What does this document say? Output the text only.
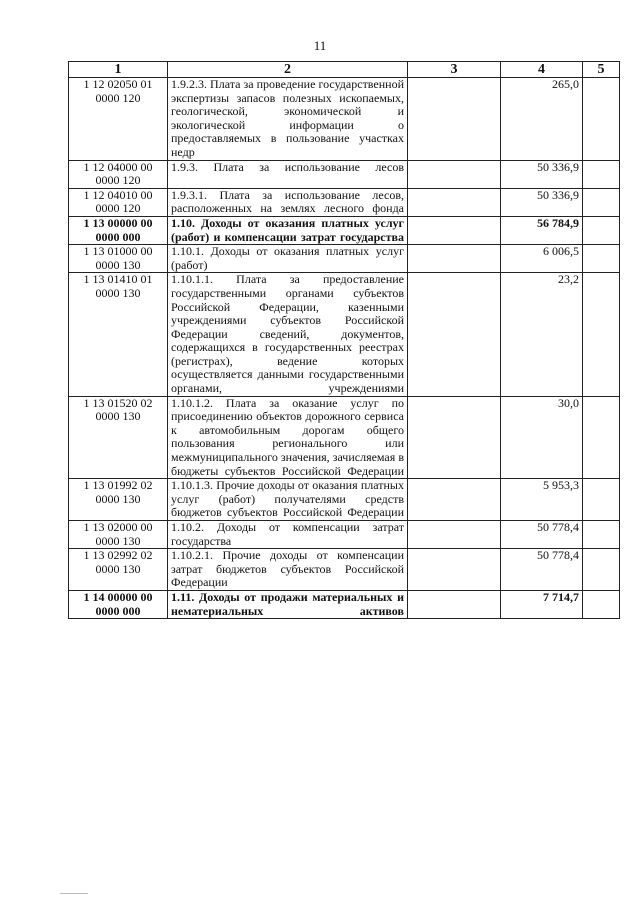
11
1	2	3	4	5
1 12 02050 01 0000 120	1.9.2.3. Плата за проведение государственной экспертизы запасов полезных ископаемых, геологической, экономической и экологической информации о предоставляемых в пользование участках недр		265,0	
1 12 04000 00 0000 120	1.9.3. Плата за использование лесов		50 336,9	
1 12 04010 00 0000 120	1.9.3.1. Плата за использование лесов, расположенных на землях лесного фонда		50 336,9	
1 13 00000 00 0000 000	1.10. Доходы от оказания платных услуг (работ) и компенсации затрат государства		56 784,9	
1 13 01000 00 0000 130	1.10.1. Доходы от оказания платных услуг (работ)		6 006,5	
1 13 01410 01 0000 130	1.10.1.1. Плата за предоставление государственными органами субъектов Российской Федерации, казенными учреждениями субъектов Российской Федерации сведений, документов, содержащихся в государственных реестрах (регистрах), ведение которых осуществляется данными государственными органами, учреждениями		23,2	
1 13 01520 02 0000 130	1.10.1.2. Плата за оказание услуг по присоединению объектов дорожного сервиса к автомобильным дорогам общего пользования регионального или межмуниципального значения, зачисляемая в бюджеты субъектов Российской Федерации		30,0	
1 13 01992 02 0000 130	1.10.1.3. Прочие доходы от оказания платных услуг (работ) получателями средств бюджетов субъектов Российской Федерации		5 953,3	
1 13 02000 00 0000 130	1.10.2. Доходы от компенсации затрат государства		50 778,4	
1 13 02992 02 0000 130	1.10.2.1. Прочие доходы от компенсации затрат бюджетов субъектов Российской Федерации		50 778,4	
1 14 00000 00 0000 000	1.11. Доходы от продажи материальных и нематериальных активов		7 714,7	
